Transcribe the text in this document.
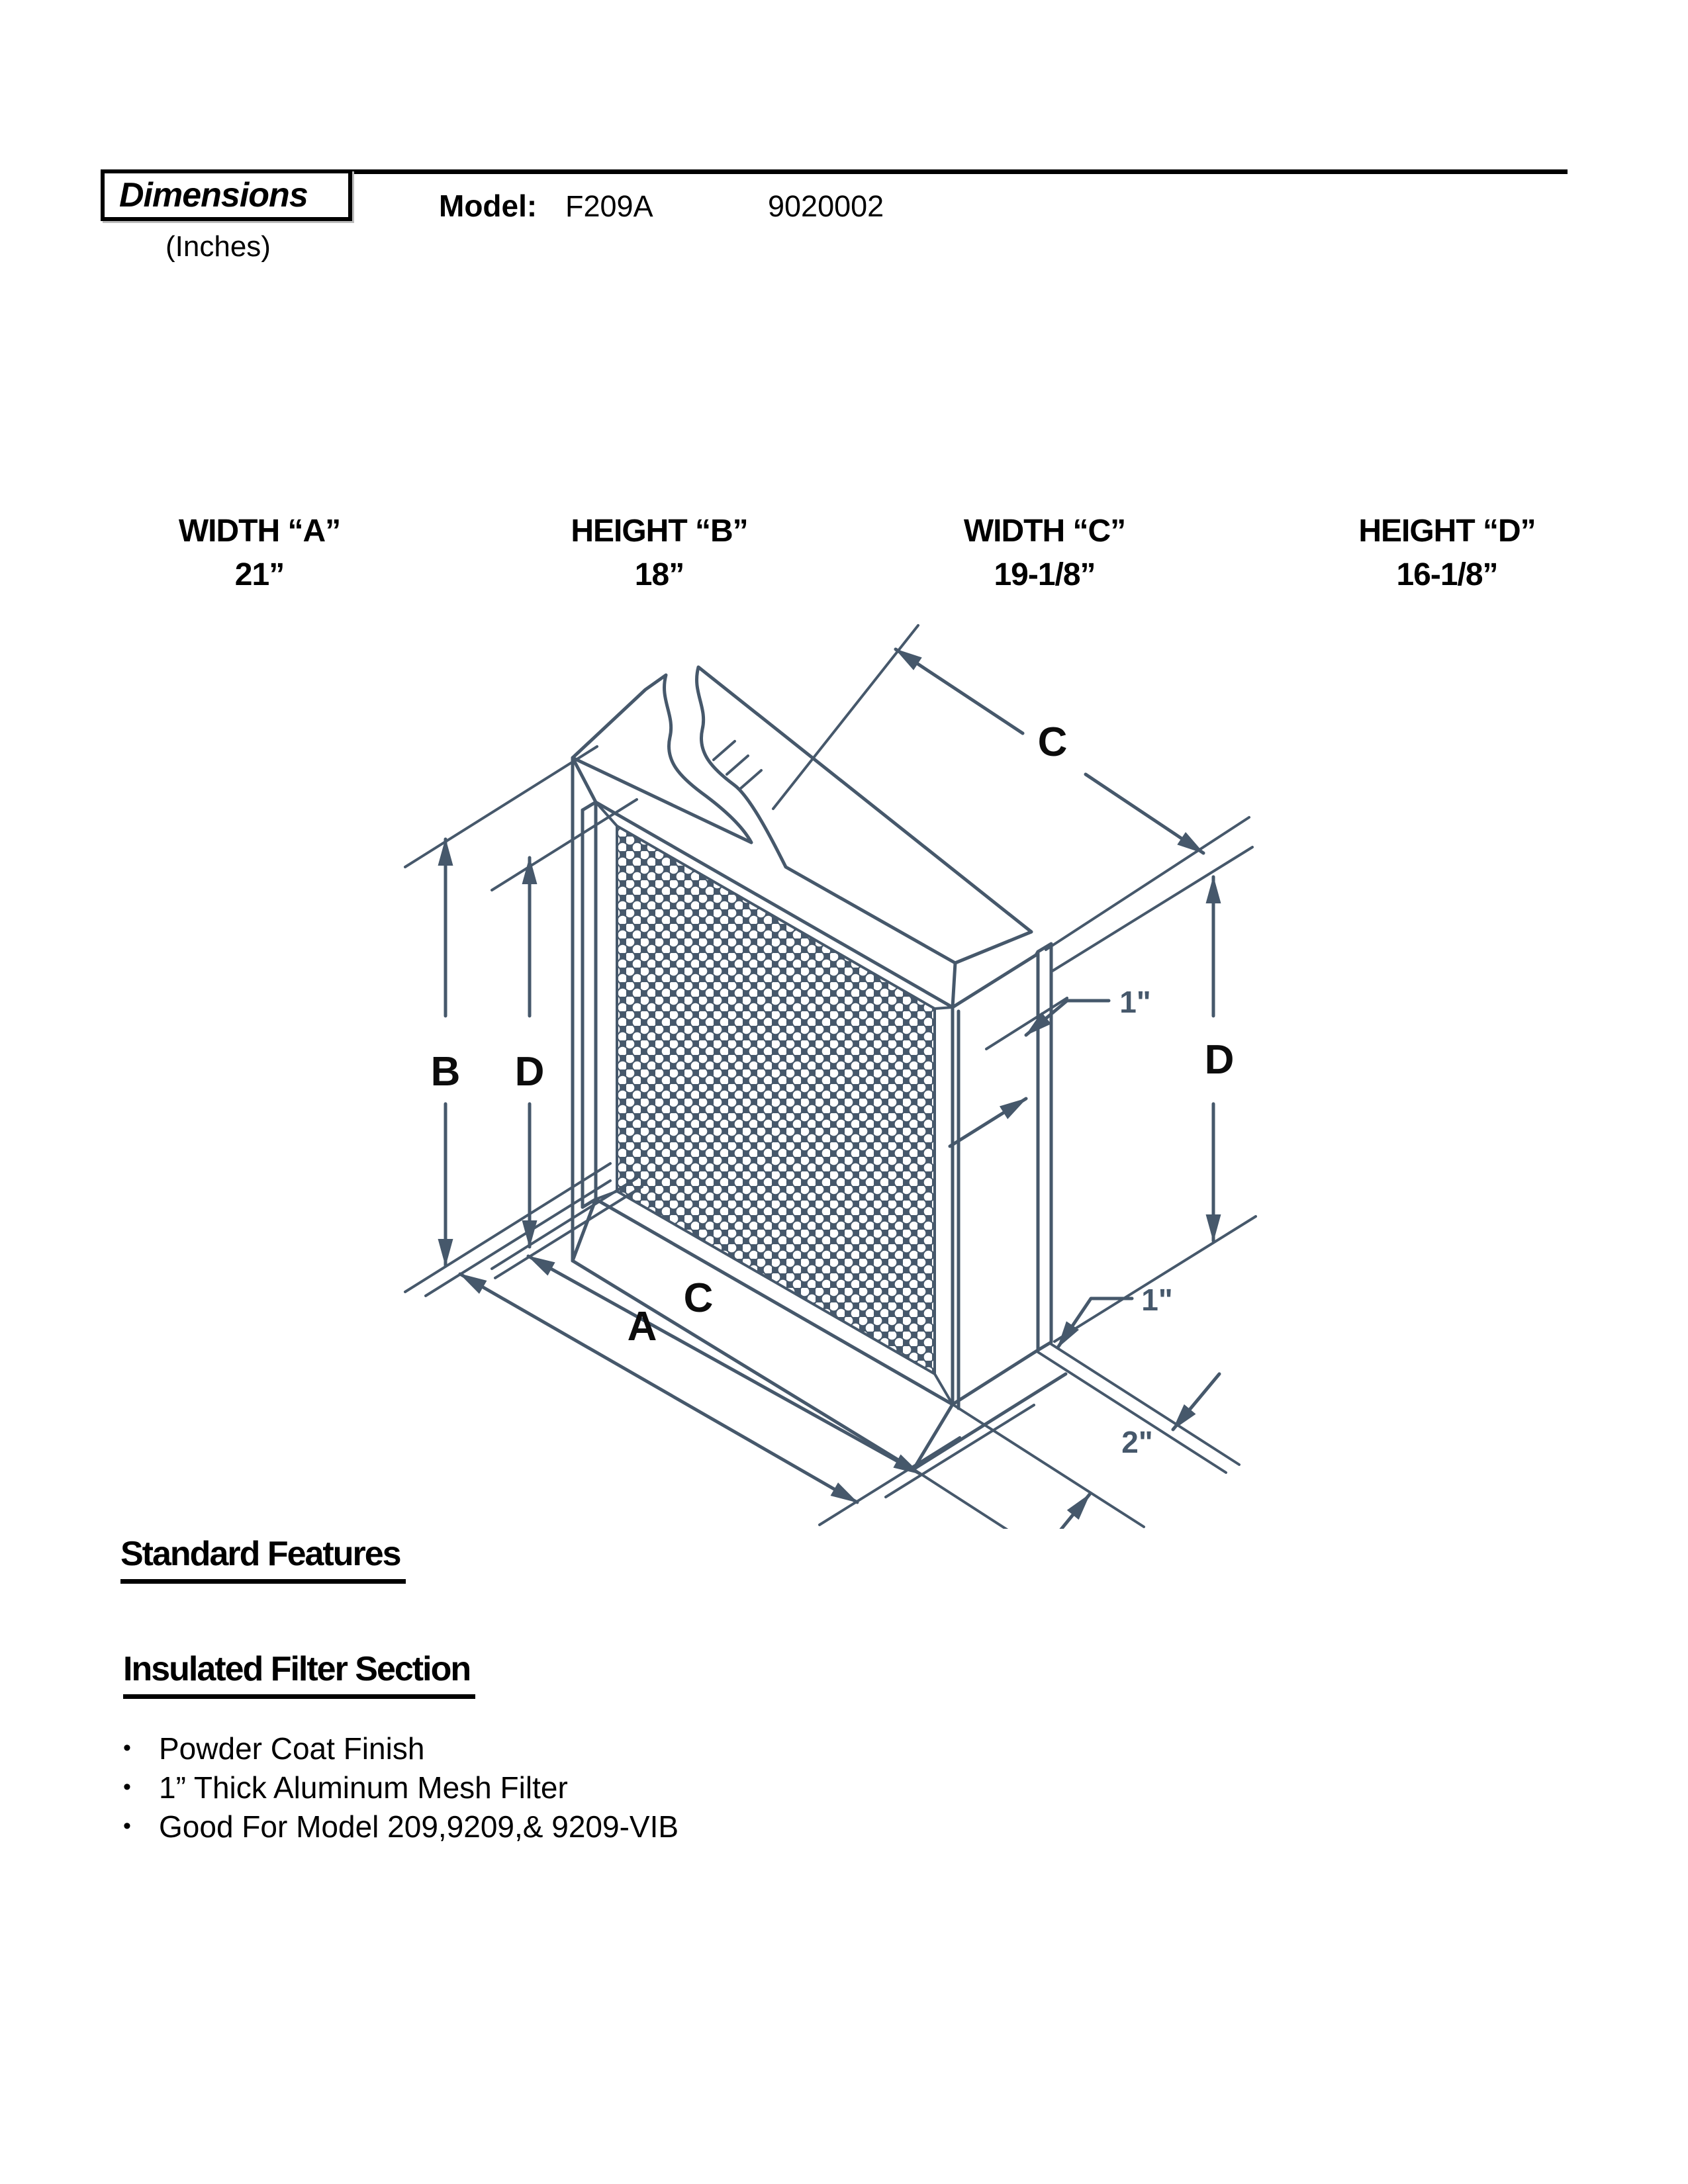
Dimensions
(Inches)
Model: F209A	9020002
WIDTH “A”
21”
HEIGHT “B”
18”
WIDTH “C”
19-1/8”
HEIGHT “D”
16-1/8”
B D
C
D
A
C
1"
1"
2"
Standard Features
Insulated Filter Section
• Powder Coat Finish
• 1” Thick Aluminum Mesh Filter
• Good For Model 209,9209,& 9209-VIB
